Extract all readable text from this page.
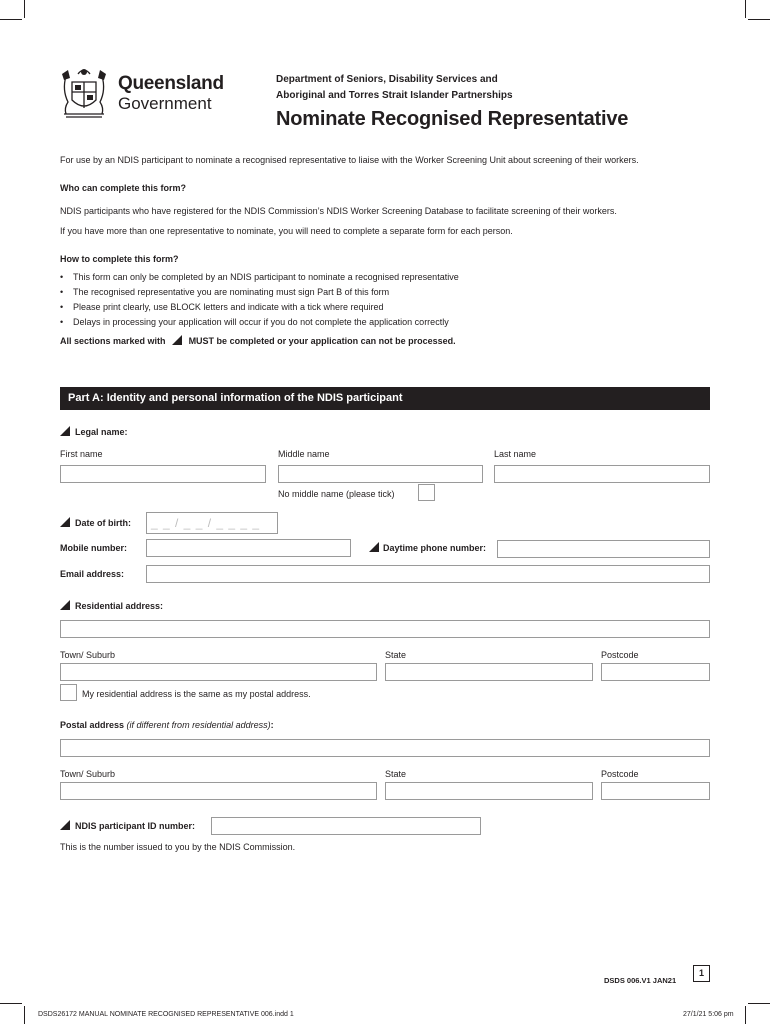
Queensland
Government
Department of Seniors, Disability Services and
Aboriginal and Torres Strait Islander Partnerships
Nominate Recognised Representative
For use by an NDIS participant to nominate a recognised representative to liaise with the Worker Screening Unit about screening of their workers.
Who can complete this form?
NDIS participants who have registered for the NDIS Commission’s NDIS Worker Screening Database to facilitate screening of their workers.
If you have more than one representative to nominate, you will need to complete a separate form for each person.
How to complete this form?
• This form can only be completed by an NDIS participant to nominate a recognised representative
• The recognised representative you are nominating must sign Part B of this form
• Please print clearly, use BLOCK letters and indicate with a tick where required
• Delays in processing your application will occur if you do not complete the application correctly
All sections marked with	MUST be completed or your application can not be processed.
Part A: Identity and personal information of the NDIS participant
Legal name:
First name	Middle name	Last name
No middle name (please tick)
Date of birth:	_ _ / _ _ / _ _ _ _
Mobile number:	Daytime phone number:
Email address:
Residential address:
Town/ Suburb	State	Postcode
My residential address is the same as my postal address.
Postal address (if different from residential address):
Town/ Suburb	State	Postcode
NDIS participant ID number:
This is the number issued to you by the NDIS Commission.
DSDS 006.V1 JAN21
1
DSDS26172 MANUAL NOMINATE RECOGNISED REPRESENTATIVE 006.indd 1	27/1/21 5:06 pm
